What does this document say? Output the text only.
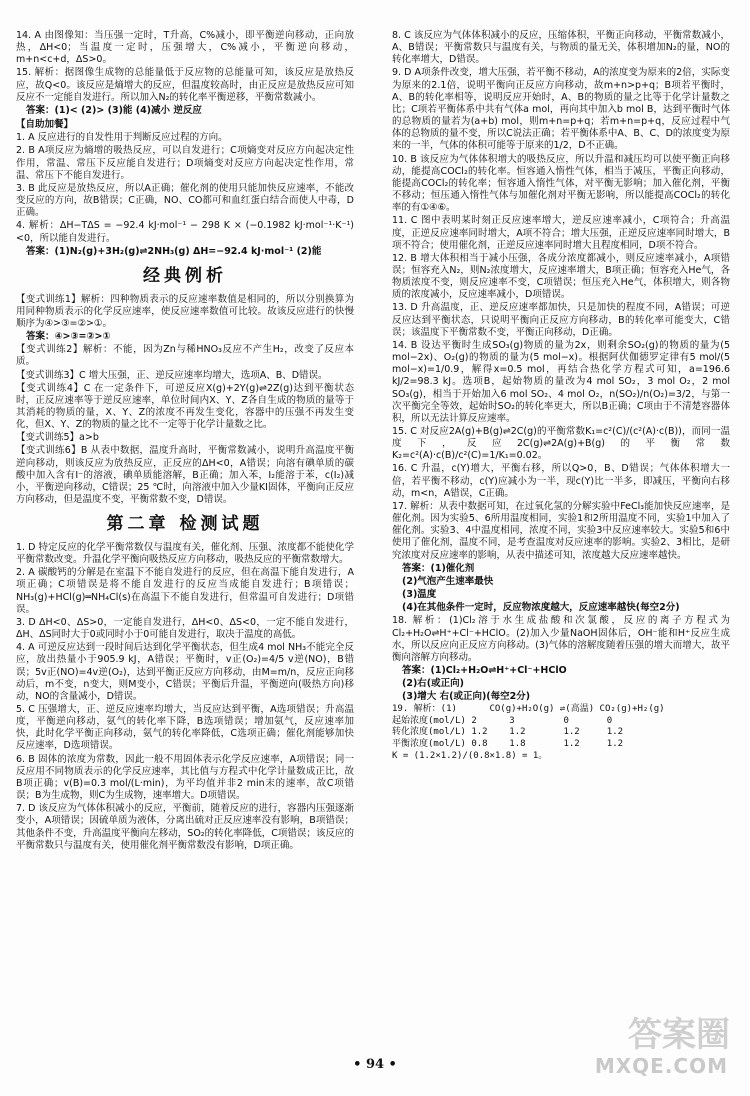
14. A 由图像知：当压强一定时，T升高，C%减小，即平衡逆向移动，正向放热，ΔH<0；当温度一定时，压强增大，C%减小，平衡逆向移动，m+n<c+d，ΔS>0。
15. 解析：据图像生成物的总能量低于反应物的总能量可知，该反应是放热反应，故Q<0。该反应是熵增大的反应，但温度较高时，由正反应是放热反应可知反应不一定能自发进行。所以加入N₂的转化率平衡逆移，平衡常数减小。
答案：(1)< (2)> (3)能 (4)减小 逆反应
【自助加餐】
1. A 反应进行的自发性用于判断反应过程的方向。
2. B A项反应为熵增的吸热反应，可以自发进行；C项熵变对反应方向起决定性作用，常温、常压下反应能自发进行；D项熵变对反应方向起决定性作用，常温、常压下不能自发进行。
3. B 此反应是放热反应，所以A正确；催化剂的使用只能加快反应速率，不能改变反应的方向，故B错误；C正确，NO、CO都可和血红蛋白结合而使人中毒，D正确。
4. 解析：ΔH−TΔS = −92.4 kJ·mol⁻¹ − 298 K × (−0.1982 kJ·mol⁻¹·K⁻¹)<0，所以能自发进行。
答案：(1)N₂(g)+3H₂(g)⇌2NH₃(g) ΔH=−92.4 kJ·mol⁻¹ (2)能
经典例析
【变式训练1】解析：四种物质表示的反应速率数值是相同的，所以分别换算为用同种物质表示的化学反应速率，使反应速率数值可比较。故该反应进行的快慢顺序为④>③=②>①。
答案：④>③=②>①
【变式训练2】解析：不能，因为Zn与稀HNO₃反应不产生H₂，改变了反应本质。
【变式训练3】C 增大压强，正、逆反应速率均增大，选项A、B、D错误。
【变式训练4】C 在一定条件下，可逆反应X(g)+2Y(g)⇌2Z(g)达到平衡状态时，正反应速率等于逆反应速率，单位时间内X、Y、Z各自生成的物质的量等于其消耗的物质的量，X、Y、Z的浓度不再发生变化，容器中的压强不再发生变化，但X、Y、Z的物质的量之比不一定等于化学计量数之比。
【变式训练5】a>b
【变式训练6】B 从表中数据，温度升高时，平衡常数减小，说明升高温度平衡逆向移动，则该反应为放热反应，正反应的ΔH<0，A错误；向溶有碘单质的碳酸中加入含有I⁻的溶液，碘单质能溶解，B正确；加入苯，I₂能溶于苯，c(I₂)减小，平衡逆向移动，C错误；25 ℃时，向溶液中加入少量KI固体，平衡向正反应方向移动，但是温度不变，平衡常数不变，D错误。
第二章 检测试题
1. D 特定反应的化学平衡常数仅与温度有关，催化剂、压强、浓度都不能使化学平衡常数改变。升温化学平衡向吸热反应方向移动，吸热反应的平衡常数增大。
2. A 碳酸钙的分解是在室温下不能自发进行的反应，但在高温下能自发进行，A项正确；C项错误是将不能自发进行的反应当成能自发进行；B项错误；NH₃(g)+HCl(g)═NH₄Cl(s)在高温下不能自发进行，但常温可自发进行；D项错误。
3. D ΔH<0、ΔS>0，一定能自发进行，ΔH<0、ΔS<0，一定不能自发进行，ΔH、ΔS同时大于0或同时小于0可能自发进行，取决于温度的高低。
4. A 可逆反应达到一段时间后达到化学平衡状态，但生成4 mol NH₃不能完全反应，放出热量小于905.9 kJ，A错误；平衡时，v正(O₂)=4/5 v逆(NO)，B错误；5v正(NO)=4v逆(O₂)，达到平衡正反应方向移动，由M=m/n，反应正向移动后，m不变，n变大，则M变小，C错误；平衡后升温，平衡逆向(吸热方向)移动，NO的含量减小，D错误。
5. C 压强增大，正、逆反应速率均增大，当反应达到平衡，A选项错误；升高温度，平衡逆向移动，氨气的转化率下降，B选项错误；增加氨气，反应速率加快，此时化学平衡正向移动，氨气的转化率降低，C选项正确；催化剂能够加快反应速率，D选项错误。
6. B 固体的浓度为常数，因此一般不用固体表示化学反应速率，A项错误；同一反应用不同物质表示的化学反应速率，其比值与方程式中化学计量数成正比，故B项正确；v(B)=0.3 mol/(L·min)，为平均值并非2 min末的速率，故C项错误；B为生成物，则C为生成物，速率增大。D项错误。
7. D 该反应为气体体积减小的反应，平衡前，随着反应的进行，容器内压强逐渐变小，A项错误；因硫单质为液体，分离出硫对正反应速率没有影响，B项错误；其他条件不变，升高温度平衡向左移动，SO₂的转化率降低，C项错误；该反应的平衡常数只与温度有关，使用催化剂平衡常数没有影响，D项正确。
8. C 该反应为气体体积减小的反应，压缩体积，平衡正向移动，平衡常数减小，A、B错误；平衡常数只与温度有关，与物质的量无关，体积增加N₂的量，NO的转化率增大，D错误。
9. D A项条件改变，增大压强，若平衡不移动，A的浓度变为原来的2倍，实际变为原来的2.1倍，说明平衡向正反应方向移动，故m+n>p+q；B项若平衡时，A、B的转化率相等，说明反应开始时，A、B的物质的量之比等于化学计量数之比；C项若平衡体系中共有气体a mol，再向其中加入b mol B，达到平衡时气体的总物质的量若为(a+b) mol，则m+n=p+q；若m+n=p+q，反应过程中气体的总物质的量不变，所以C说法正确；若平衡体系中A、B、C、D的浓度变为原来的一半，气体的体积可能等于原来的1/2，D不正确。
10. B 该反应为气体体积增大的吸热反应，所以升温和减压均可以使平衡正向移动，能提高COCl₂的转化率。恒容通入惰性气体，相当于减压，平衡正向移动，能提高COCl₂的转化率；恒容通入惰性气体，对平衡无影响；加入催化剂，平衡不移动；恒压通入惰性气体与加催化剂对平衡无影响，所以能提高COCl₂的转化率的有①④⑥。
11. C 图中表明某时刻正反应速率增大，逆反应速率减小，C项符合；升高温度，正逆反应速率同时增大，A项不符合；增大压强，正逆反应速率同时增大，B项不符合；使用催化剂，正逆反应速率同时增大且程度相同，D项不符合。
12. B 增大体积相当于减小压强，各成分浓度都减小，则反应速率减小，A项错误；恒容充入N₂，则N₂浓度增大，反应速率增大，B项正确；恒容充入He气，各物质浓度不变，则反应速率不变，C项错误；恒压充入He气，体积增大，则各物质的浓度减小，反应速率减小，D项错误。
13. D 升高温度，正、逆反应速率都加快，只是加快的程度不同，A错误；可逆反应达到平衡状态，只说明平衡向正反应方向移动，B的转化率可能变大，C错误；该温度下平衡常数不变，平衡正向移动，D正确。
14. B 设达平衡时生成SO₃(g)物质的量为2x，则剩余SO₂(g)的物质的量为(5 mol−2x)、O₂(g)的物质的量为(5 mol−x)。根据阿伏伽德罗定律有5 mol/(5 mol−x)=1/0.9，解得x=0.5 mol，再结合热化学方程式可知，a=196.6 kJ/2=98.3 kJ。选项B，起始物质的量改为4 mol SO₂，3 mol O₂，2 mol SO₃(g)，相当于开始加入6 mol SO₂、4 mol O₂，n(SO₂)/n(O₂)=3/2，与第一次平衡完全等效，起始时SO₂的转化率更大，所以B正确；C项由于不清楚容器体积，所以无法计算反应速率。
15. C 对反应2A(g)+B(g)⇌2C(g)的平衡常数K₁=c²(C)/(c²(A)·c(B))，而同一温度下，反应2C(g)⇌2A(g)+B(g)的平衡常数K₂=c²(A)·c(B)/c²(C)=1/K₁=0.02。
16. C 升温，c(Y)增大，平衡右移，所以Q>0，B、D错误；气体体积增大一倍，若平衡不移动，c(Y)应减小为一半，现c(Y)比一半多，即减压，平衡向右移动，m<n，A错误，C正确。
17. 解析：从表中数据可知，在过氧化氢的分解实验中FeCl₃能加快反应速率，是催化剂。因为实验5、6所用温度相同，实验1和2所用温度不同，实验1中加入了催化剂。实验3、4中温度相同，浓度不同，实验3中反应速率较大。实验5和6中使用了催化剂，温度不同，是考查温度对反应速率的影响。实验2、3相比，是研究浓度对反应速率的影响，从表中描述可知，浓度越大反应速率越快。
答案：(1)催化剂
(2)气泡产生速率最快
(3)温度
(4)在其他条件一定时，反应物浓度越大，反应速率越快(每空2分)
18. 解析：(1)Cl₂溶于水生成盐酸和次氯酸，反应的离子方程式为Cl₂+H₂O⇌H⁺+Cl⁻+HClO。(2)加入少量NaOH固体后，OH⁻能和H⁺反应生成水，所以反应向正反应方向移动。(3)气体的溶解度随着压强的增大而增大，故平衡向溶解方向移动。
答案：(1)Cl₂+H₂O⇌H⁺+Cl⁻+HClO
(2)右(或正向)
(3)增大 右(或正向)(每空2分)
19. 解析：(1)      CO(g)+H₂O(g) ⇌(高温) CO₂(g)+H₂(g)
起始浓度(mol/L) 2      3         0       0
转化浓度(mol/L) 1.2    1.2       1.2     1.2
平衡浓度(mol/L) 0.8    1.8       1.2     1.2
K = (1.2×1.2)/(0.8×1.8) = 1。
• 94 •
答案圈
MXQE.COM
